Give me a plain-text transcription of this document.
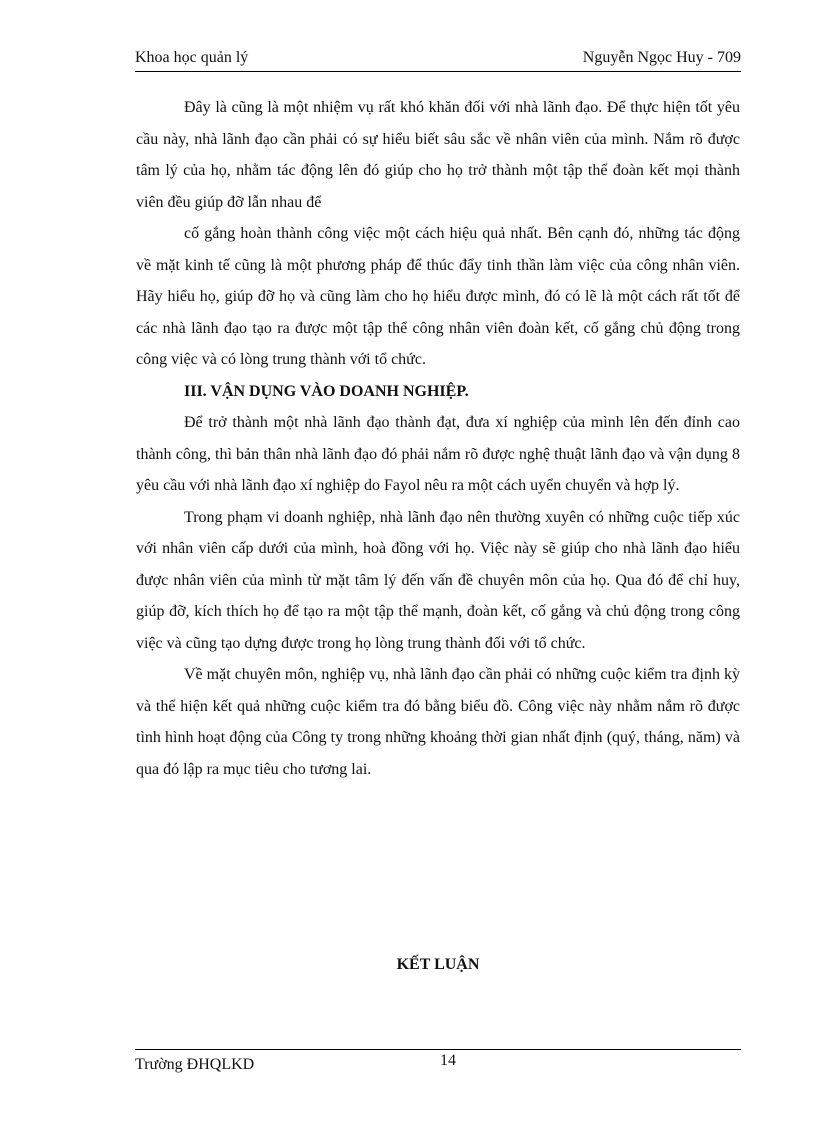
Khoa học quản lý	Nguyễn Ngọc Huy - 709

Đây là cũng là một nhiệm vụ rất khó khăn đối với nhà lãnh đạo. Để thực hiện tốt yêu cầu này, nhà lãnh đạo cần phải có sự hiểu biết sâu sắc về nhân viên của mình. Nắm rõ được tâm lý của họ, nhằm tác động lên đó giúp cho họ trở thành một tập thể đoàn kết mọi thành viên đều giúp đỡ lẫn nhau để

cố gắng hoàn thành công việc một cách hiệu quả nhất. Bên cạnh đó, những tác động về mặt kinh tế cũng là một phương pháp để thúc đẩy tinh thần làm việc của công nhân viên. Hãy hiểu họ, giúp đỡ họ và cũng làm cho họ hiểu được mình, đó có lẽ là một cách rất tốt để các nhà lãnh đạo tạo ra được một tập thể công nhân viên đoàn kết, cố gắng chủ động trong công việc và có lòng trung thành với tổ chức.

III. VẬN DỤNG VÀO DOANH NGHIỆP.

Để trở thành một nhà lãnh đạo thành đạt, đưa xí nghiệp của mình lên đến đỉnh cao thành công, thì bản thân nhà lãnh đạo đó phải nắm rõ được nghệ thuật lãnh đạo và vận dụng 8 yêu cầu với nhà lãnh đạo xí nghiệp do Fayol nêu ra một cách uyển chuyển và hợp lý.

Trong phạm vi doanh nghiệp, nhà lãnh đạo nên thường xuyên có những cuộc tiếp xúc với nhân viên cấp dưới của mình, hoà đồng với họ. Việc này sẽ giúp cho nhà lãnh đạo hiểu được nhân viên của mình từ mặt tâm lý đến vấn đề chuyên môn của họ. Qua đó để chỉ huy, giúp đỡ, kích thích họ để tạo ra một tập thể mạnh, đoàn kết, cố gắng và chủ động trong công việc và cũng tạo dựng được trong họ lòng trung thành đối với tổ chức.

Về mặt chuyên môn, nghiệp vụ, nhà lãnh đạo cần phải có những cuộc kiểm tra định kỳ và thể hiện kết quả những cuộc kiểm tra đó bằng biểu đồ. Công việc này nhằm nắm rõ được tình hình hoạt động của Công ty trong những khoảng thời gian nhất định (quý, tháng, năm) và qua đó lập ra mục tiêu cho tương lai.

KẾT LUẬN
Trường ĐHQLKD	14
